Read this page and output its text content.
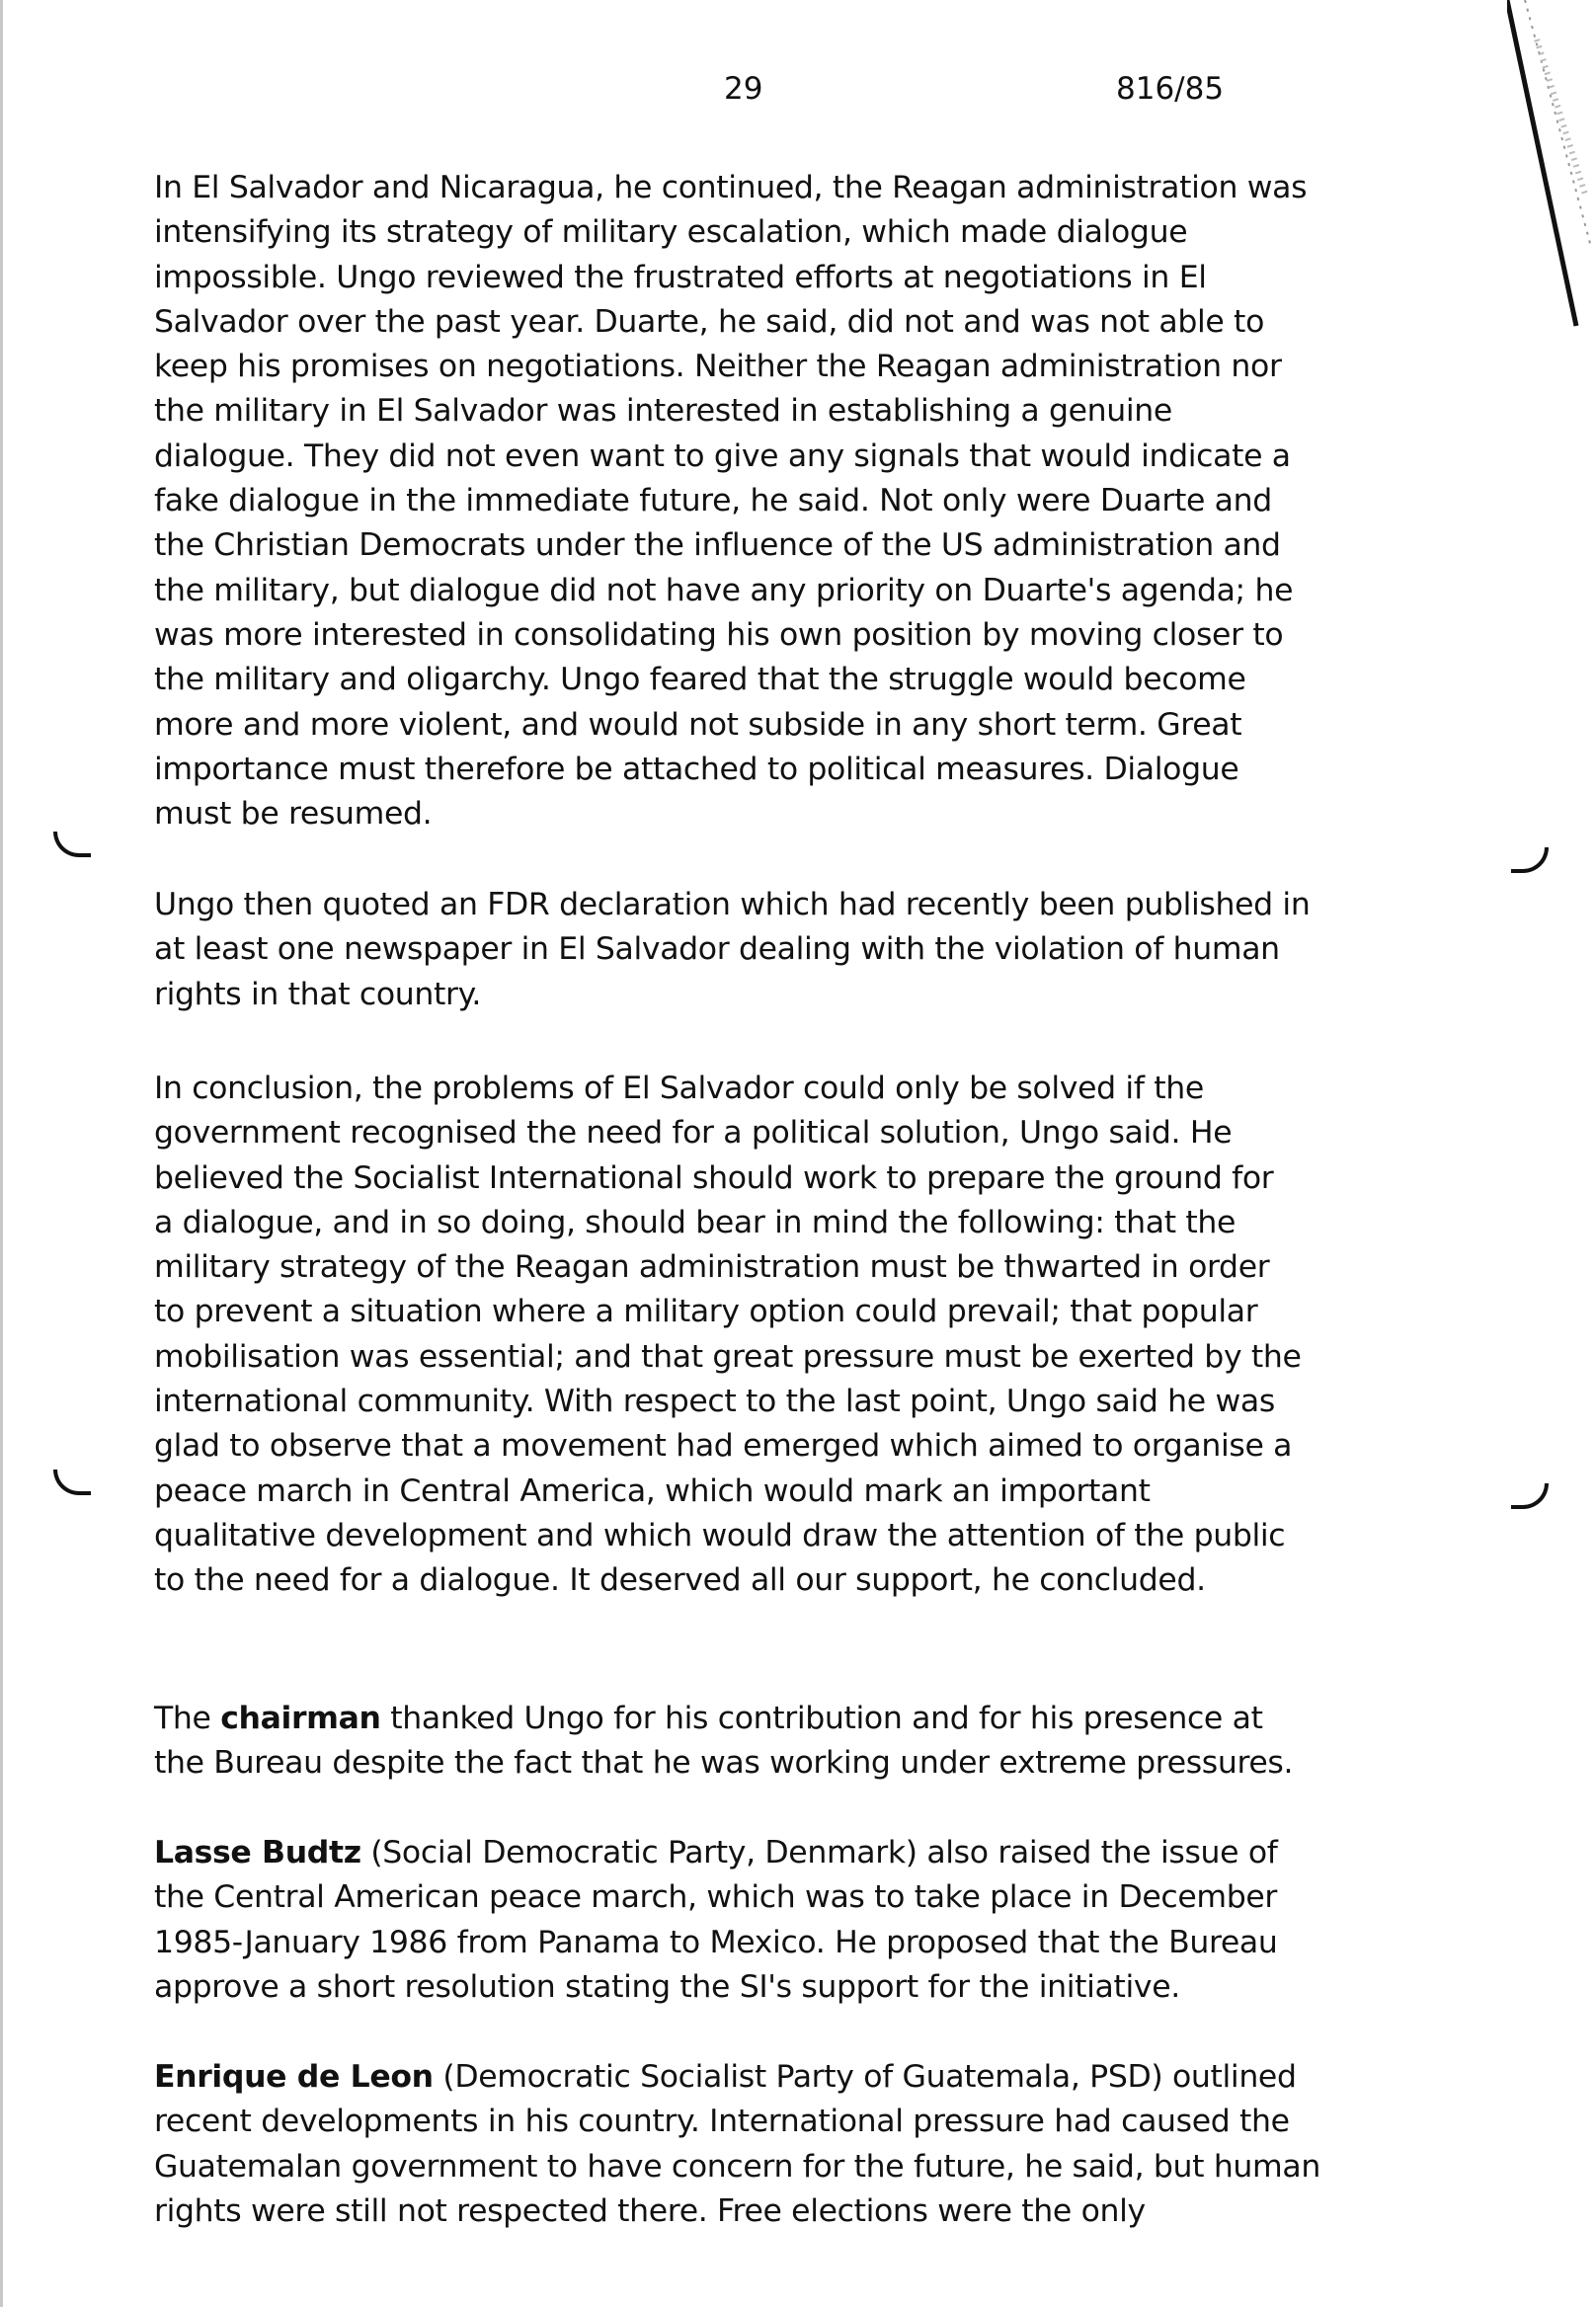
29	816/85

In El Salvador and Nicaragua, he continued, the Reagan administration was
intensifying its strategy of military escalation, which made dialogue
impossible. Ungo reviewed the frustrated efforts at negotiations in El
Salvador over the past year. Duarte, he said, did not and was not able to
keep his promises on negotiations. Neither the Reagan administration nor
the military in El Salvador was interested in establishing a genuine
dialogue. They did not even want to give any signals that would indicate a
fake dialogue in the immediate future, he said. Not only were Duarte and
the Christian Democrats under the influence of the US administration and
the military, but dialogue did not have any priority on Duarte's agenda; he
was more interested in consolidating his own position by moving closer to
the military and oligarchy. Ungo feared that the struggle would become
more and more violent, and would not subside in any short term. Great
importance must therefore be attached to political measures. Dialogue
must be resumed.

Ungo then quoted an FDR declaration which had recently been published in
at least one newspaper in El Salvador dealing with the violation of human
rights in that country.

In conclusion, the problems of El Salvador could only be solved if the
government recognised the need for a political solution, Ungo said. He
believed the Socialist International should work to prepare the ground for
a dialogue, and in so doing, should bear in mind the following: that the
military strategy of the Reagan administration must be thwarted in order
to prevent a situation where a military option could prevail; that popular
mobilisation was essential; and that great pressure must be exerted by the
international community. With respect to the last point, Ungo said he was
glad to observe that a movement had emerged which aimed to organise a
peace march in Central America, which would mark an important
qualitative development and which would draw the attention of the public
to the need for a dialogue. It deserved all our support, he concluded.

The chairman thanked Ungo for his contribution and for his presence at
the Bureau despite the fact that he was working under extreme pressures.

Lasse Budtz (Social Democratic Party, Denmark) also raised the issue of
the Central American peace march, which was to take place in December
1985-January 1986 from Panama to Mexico. He proposed that the Bureau
approve a short resolution stating the SI's support for the initiative.

Enrique de Leon (Democratic Socialist Party of Guatemala, PSD) outlined
recent developments in his country. International pressure had caused the
Guatemalan government to have concern for the future, he said, but human
rights were still not respected there. Free elections were the only
